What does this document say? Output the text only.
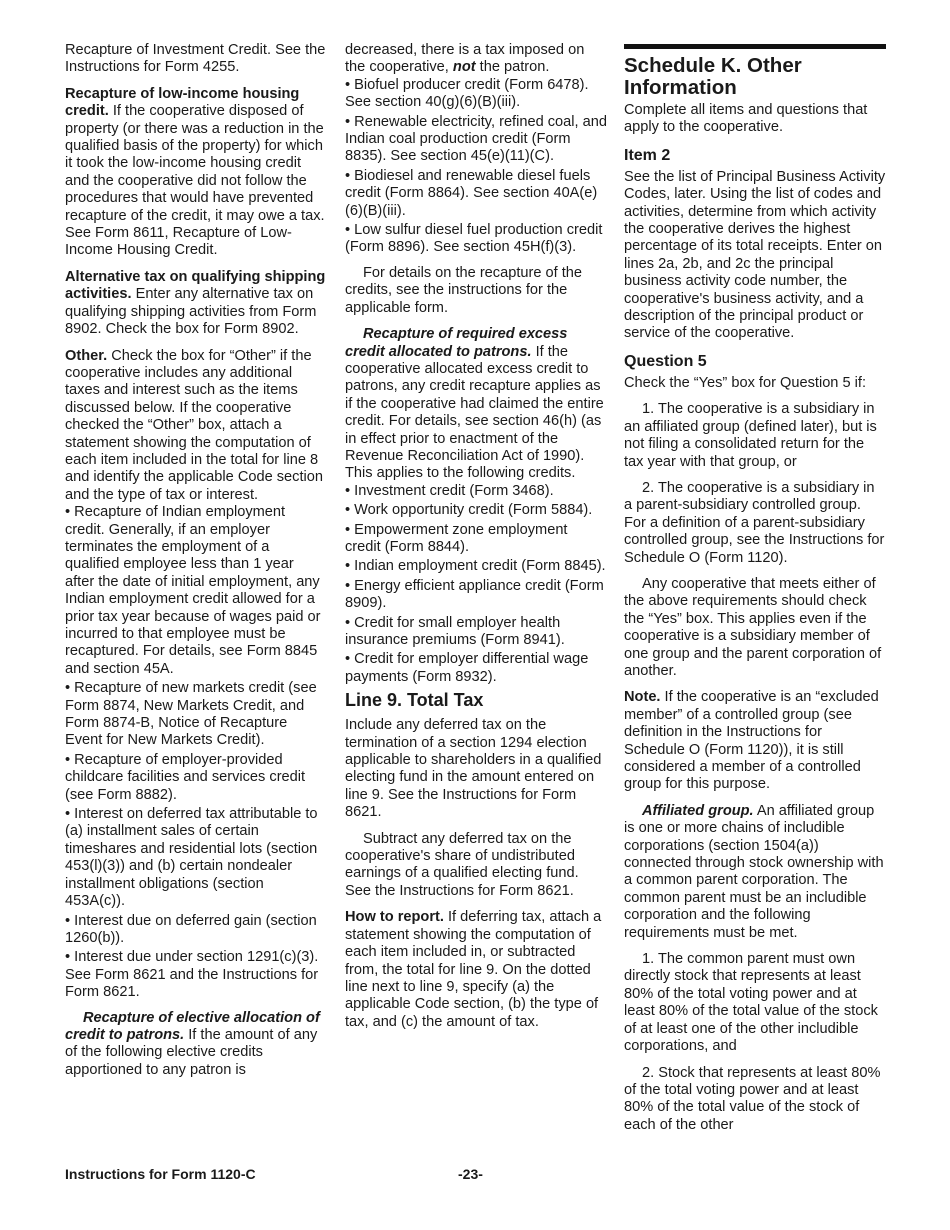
Recapture of Investment Credit. See the Instructions for Form 4255.

Recapture of low-income housing credit. If the cooperative disposed of property (or there was a reduction in the qualified basis of the property) for which it took the low-income housing credit and the cooperative did not follow the procedures that would have prevented recapture of the credit, it may owe a tax. See Form 8611, Recapture of Low-Income Housing Credit.

Alternative tax on qualifying shipping activities. Enter any alternative tax on qualifying shipping activities from Form 8902. Check the box for Form 8902.

Other. Check the box for “Other” if the cooperative includes any additional taxes and interest such as the items discussed below. If the cooperative checked the “Other” box, attach a statement showing the computation of each item included in the total for line 8 and identify the applicable Code section and the type of tax or interest.

• Recapture of Indian employment credit. Generally, if an employer terminates the employment of a qualified employee less than 1 year after the date of initial employment, any Indian employment credit allowed for a prior tax year because of wages paid or incurred to that employee must be recaptured. For details, see Form 8845 and section 45A.

• Recapture of new markets credit (see Form 8874, New Markets Credit, and Form 8874-B, Notice of Recapture Event for New Markets Credit).

• Recapture of employer-provided childcare facilities and services credit (see Form 8882).

• Interest on deferred tax attributable to (a) installment sales of certain timeshares and residential lots (section 453(l)(3)) and (b) certain nondealer installment obligations (section 453A(c)).

• Interest due on deferred gain (section 1260(b)).

• Interest due under section 1291(c)(3). See Form 8621 and the Instructions for Form 8621.

Recapture of elective allocation of credit to patrons. If the amount of any of the following elective credits apportioned to any patron is

decreased, there is a tax imposed on the cooperative, not the patron.

• Biofuel producer credit (Form 6478). See section 40(g)(6)(B)(iii).

• Renewable electricity, refined coal, and Indian coal production credit (Form 8835). See section 45(e)(11)(C).

• Biodiesel and renewable diesel fuels credit (Form 8864). See section 40A(e)(6)(B)(iii).

• Low sulfur diesel fuel production credit (Form 8896). See section 45H(f)(3).

For details on the recapture of the credits, see the instructions for the applicable form.

Recapture of required excess credit allocated to patrons. If the cooperative allocated excess credit to patrons, any credit recapture applies as if the cooperative had claimed the entire credit. For details, see section 46(h) (as in effect prior to enactment of the Revenue Reconciliation Act of 1990). This applies to the following credits.

• Investment credit (Form 3468).

• Work opportunity credit (Form 5884).

• Empowerment zone employment credit (Form 8844).

• Indian employment credit (Form 8845).

• Energy efficient appliance credit (Form 8909).

• Credit for small employer health insurance premiums (Form 8941).

• Credit for employer differential wage payments (Form 8932).

Line 9. Total Tax

Include any deferred tax on the termination of a section 1294 election applicable to shareholders in a qualified electing fund in the amount entered on line 9. See the Instructions for Form 8621.

Subtract any deferred tax on the cooperative's share of undistributed earnings of a qualified electing fund. See the Instructions for Form 8621.

How to report. If deferring tax, attach a statement showing the computation of each item included in, or subtracted from, the total for line 9. On the dotted line next to line 9, specify (a) the applicable Code section, (b) the type of tax, and (c) the amount of tax.

Schedule K. Other Information

Complete all items and questions that apply to the cooperative.

Item 2

See the list of Principal Business Activity Codes, later. Using the list of codes and activities, determine from which activity the cooperative derives the highest percentage of its total receipts. Enter on lines 2a, 2b, and 2c the principal business activity code number, the cooperative's business activity, and a description of the principal product or service of the cooperative.

Question 5

Check the “Yes” box for Question 5 if:

1. The cooperative is a subsidiary in an affiliated group (defined later), but is not filing a consolidated return for the tax year with that group, or

2. The cooperative is a subsidiary in a parent-subsidiary controlled group. For a definition of a parent-subsidiary controlled group, see the Instructions for Schedule O (Form 1120).

Any cooperative that meets either of the above requirements should check the “Yes” box. This applies even if the cooperative is a subsidiary member of one group and the parent corporation of another.

Note. If the cooperative is an “excluded member” of a controlled group (see definition in the Instructions for Schedule O (Form 1120)), it is still considered a member of a controlled group for this purpose.

Affiliated group. An affiliated group is one or more chains of includible corporations (section 1504(a)) connected through stock ownership with a common parent corporation. The common parent must be an includible corporation and the following requirements must be met.

1. The common parent must own directly stock that represents at least 80% of the total voting power and at least 80% of the total value of the stock of at least one of the other includible corporations, and

2. Stock that represents at least 80% of the total voting power and at least 80% of the total value of the stock of each of the other

Instructions for Form 1120-C	-23-
